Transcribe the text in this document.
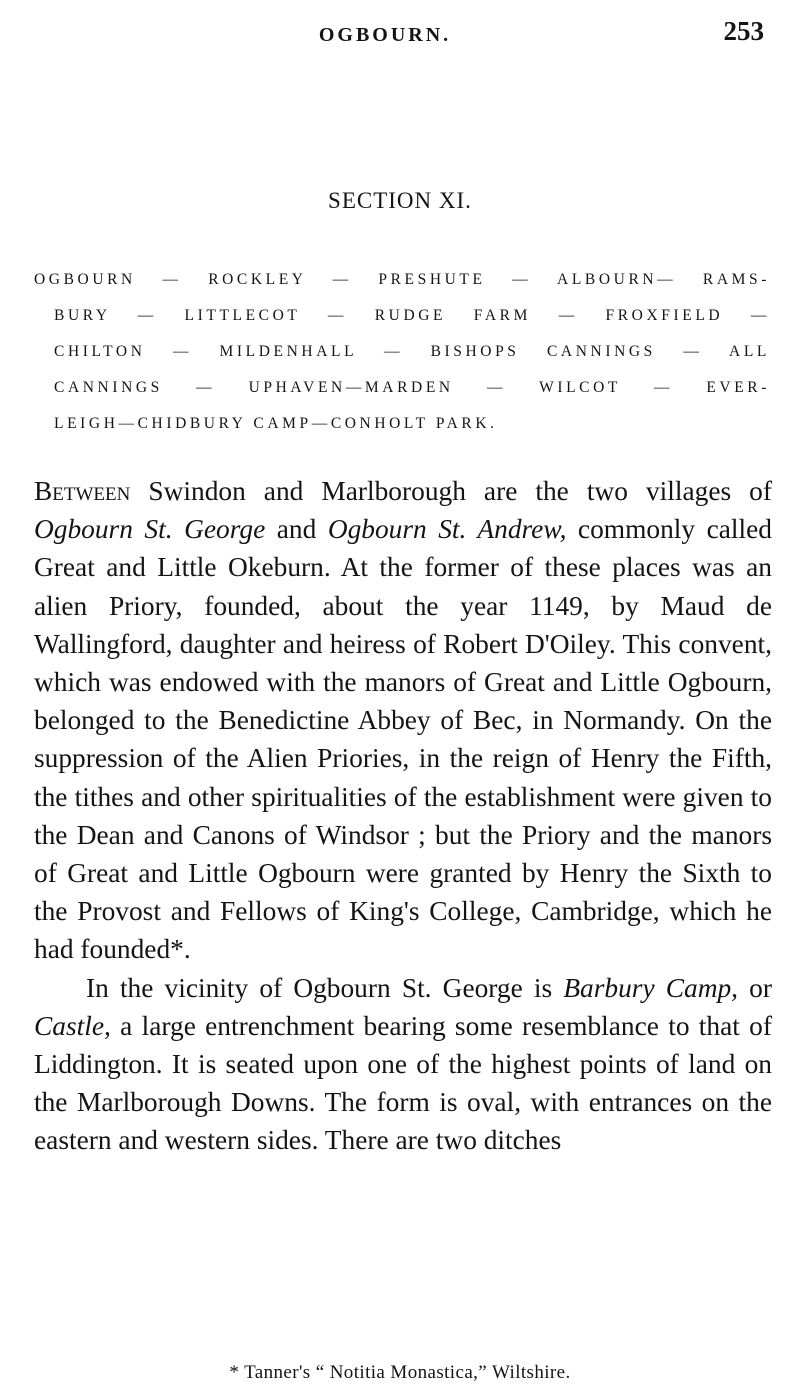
OGBOURN.	253
SECTION XI.
OGBOURN — ROCKLEY — PRESHUTE — ALBOURN— RAMS-
BURY — LITTLECOT — RUDGE FARM — FROXFIELD —
CHILTON — MILDENHALL — BISHOPS CANNINGS — ALL
CANNINGS — UPHAVEN—MARDEN — WILCOT — EVER-
LEIGH—CHIDBURY CAMP—CONHOLT PARK.

Between Swindon and Marlborough are the two villages of Ogbourn St. George and Ogbourn St. Andrew, commonly called Great and Little Okeburn. At the former of these places was an alien Priory, founded, about the year 1149, by Maud de Wallingford, daughter and heiress of Robert D'Oiley. This convent, which was endowed with the manors of Great and Little Ogbourn, belonged to the Benedictine Abbey of Bec, in Normandy. On the suppression of the Alien Priories, in the reign of Henry the Fifth, the tithes and other spiritualities of the establishment were given to the Dean and Canons of Windsor ; but the Priory and the manors of Great and Little Ogbourn were granted by Henry the Sixth to the Provost and Fellows of King's College, Cambridge, which he had founded*.

In the vicinity of Ogbourn St. George is Barbury Camp, or Castle, a large entrenchment bearing some resemblance to that of Liddington. It is seated upon one of the highest points of land on the Marlborough Downs. The form is oval, with entrances on the eastern and western sides. There are two ditches

* Tanner's “ Notitia Monastica,” Wiltshire.
